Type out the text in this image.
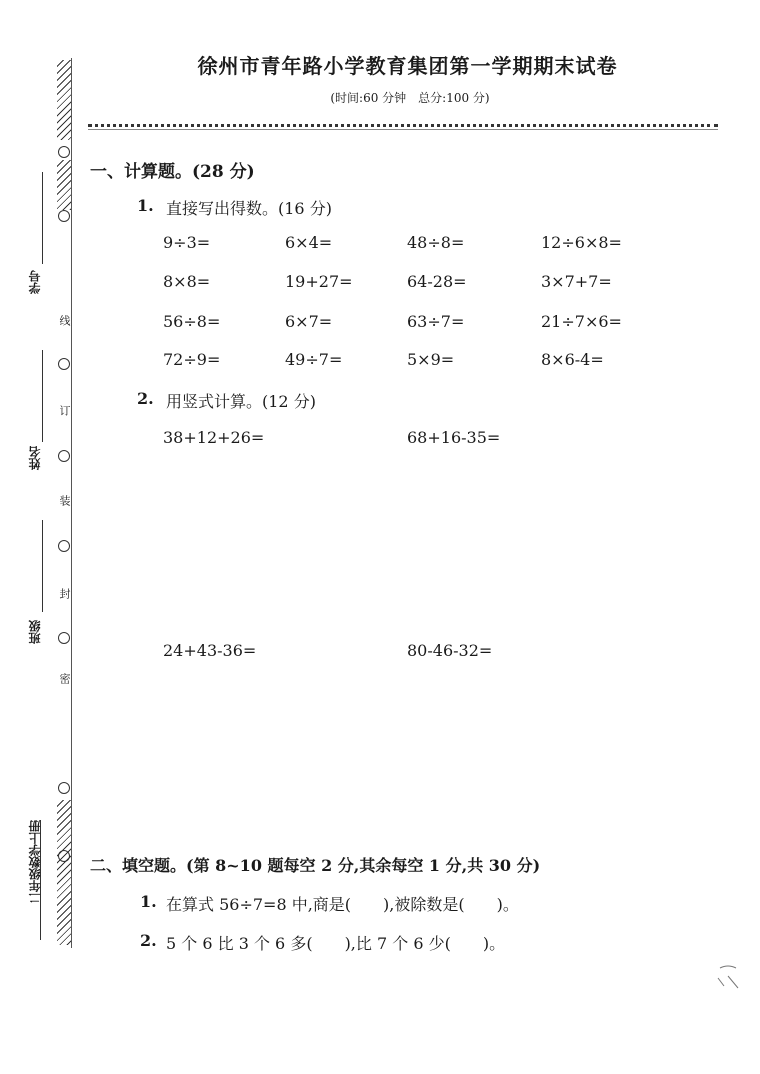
线
订
装
封
密
学号
姓名
班级
二年级数学上册
徐州市青年路小学教育集团第一学期期末试卷
(时间:60 分钟　总分:100 分)
一、计算题。(28 分)
1. 直接写出得数。(16 分)
9÷3=	6×4=	48÷8=	12÷6×8=
8×8=	19+27=	64-28=	3×7+7=
56÷8=	6×7=	63÷7=	21÷7×6=
72÷9=	49÷7=	5×9=	8×6-4=
2. 用竖式计算。(12 分)
38+12+26=	68+16-35=
24+43-36=	80-46-32=
二、填空题。(第 8~10 题每空 2 分,其余每空 1 分,共 30 分)
1. 在算式 56÷7=8 中,商是(　　),被除数是(　　)。
2. 5 个 6 比 3 个 6 多(　　),比 7 个 6 少(　　)。
